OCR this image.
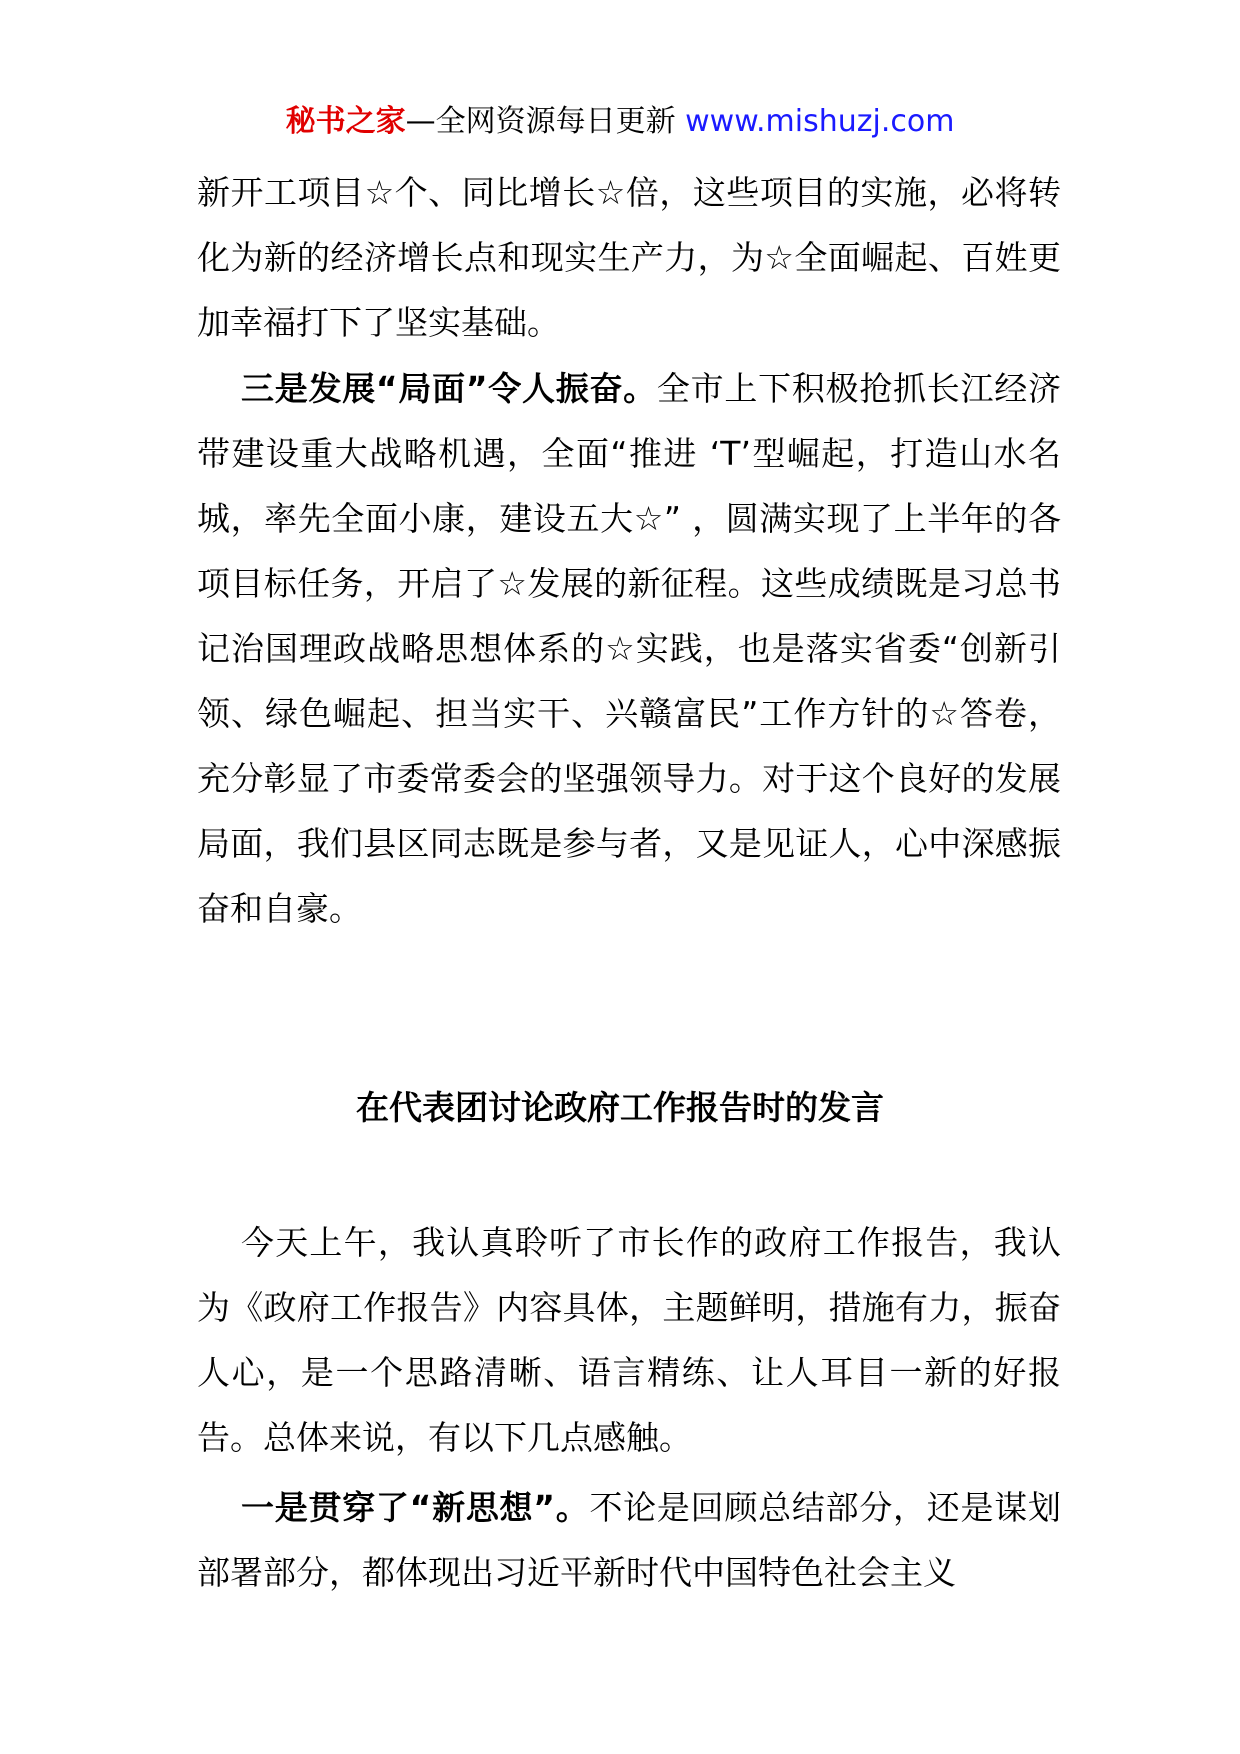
秘书之家—全网资源每日更新 www.mishuzj.com
新开工项目☆个、同比增长☆倍，这些项目的实施，必将转化为新的经济增长点和现实生产力，为☆全面崛起、百姓更加幸福打下了坚实基础。
三是发展“局面”令人振奋。全市上下积极抢抓长江经济带建设重大战略机遇，全面“推进 ‘T’型崛起，打造山水名城，率先全面小康，建设五大☆” ，圆满实现了上半年的各项目标任务，开启了☆发展的新征程。这些成绩既是习总书记治国理政战略思想体系的☆实践，也是落实省委“创新引领、绿色崛起、担当实干、兴赣富民”工作方针的☆答卷，充分彰显了市委常委会的坚强领导力。对于这个良好的发展局面，我们县区同志既是参与者，又是见证人，心中深感振奋和自豪。
在代表团讨论政府工作报告时的发言
今天上午，我认真聆听了市长作的政府工作报告，我认为《政府工作报告》内容具体，主题鲜明，措施有力，振奋人心，是一个思路清晰、语言精练、让人耳目一新的好报告。总体来说，有以下几点感触。
一是贯穿了“新思想”。不论是回顾总结部分，还是谋划部署部分，都体现出习近平新时代中国特色社会主义
